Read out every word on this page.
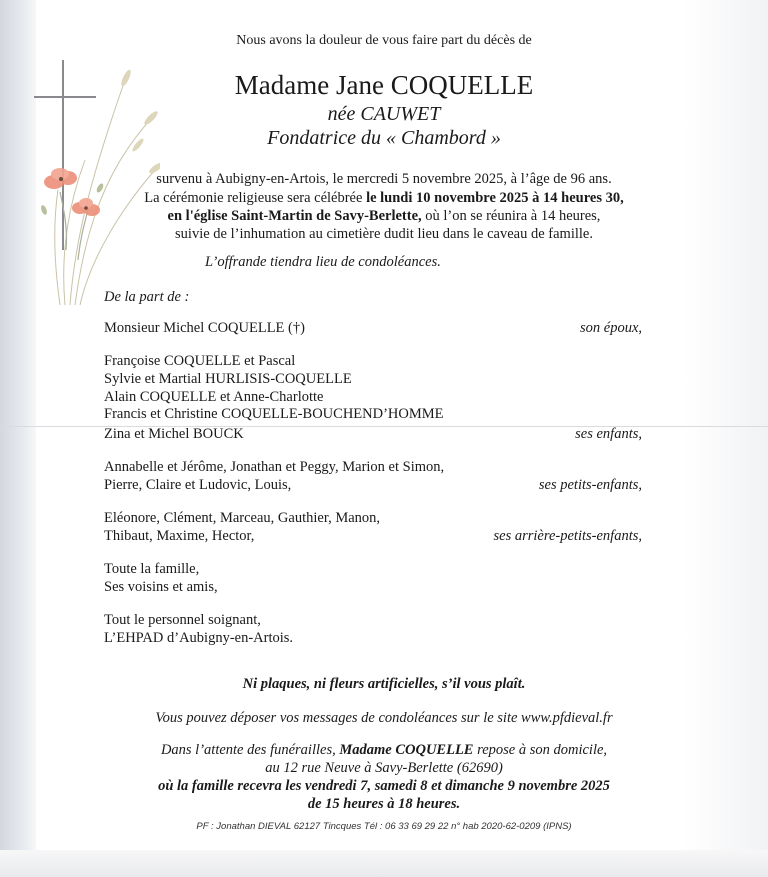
Nous avons la douleur de vous faire part du décès de
Madame Jane COQUELLE
née CAUWET
Fondatrice du « Chambord »
survenu à Aubigny-en-Artois, le mercredi 5 novembre 2025, à l’âge de 96 ans.
La cérémonie religieuse sera célébrée le lundi 10 novembre 2025 à 14 heures 30,
en l'église Saint-Martin de Savy-Berlette, où l’on se réunira à 14 heures,
suivie de l’inhumation au cimetière dudit lieu dans le caveau de famille.
L’offrande tiendra lieu de condoléances.
De la part de :
Monsieur Michel COQUELLE (†)	son époux,
Françoise COQUELLE et Pascal
Sylvie et Martial HURLISIS-COQUELLE
Alain COQUELLE et Anne-Charlotte
Francis et Christine COQUELLE-BOUCHEND’HOMME
Zina et Michel BOUCK	ses enfants,
Annabelle et Jérôme, Jonathan et Peggy, Marion et Simon,
Pierre, Claire et Ludovic, Louis,	ses petits-enfants,
Eléonore, Clément, Marceau, Gauthier, Manon,
Thibaut, Maxime, Hector,	ses arrière-petits-enfants,
Toute la famille,
Ses voisins et amis,
Tout le personnel soignant,
L’EHPAD d’Aubigny-en-Artois.
Ni plaques, ni fleurs artificielles, s’il vous plaît.
Vous pouvez déposer vos messages de condoléances sur le site www.pfdieval.fr
Dans l’attente des funérailles, Madame COQUELLE repose à son domicile,
au 12 rue Neuve à Savy-Berlette (62690)
où la famille recevra les vendredi 7, samedi 8 et dimanche 9 novembre 2025
de 15 heures à 18 heures.
PF : Jonathan DIEVAL 62127 Tincques Tél : 06 33 69 29 22 n° hab 2020-62-0209 (IPNS)
